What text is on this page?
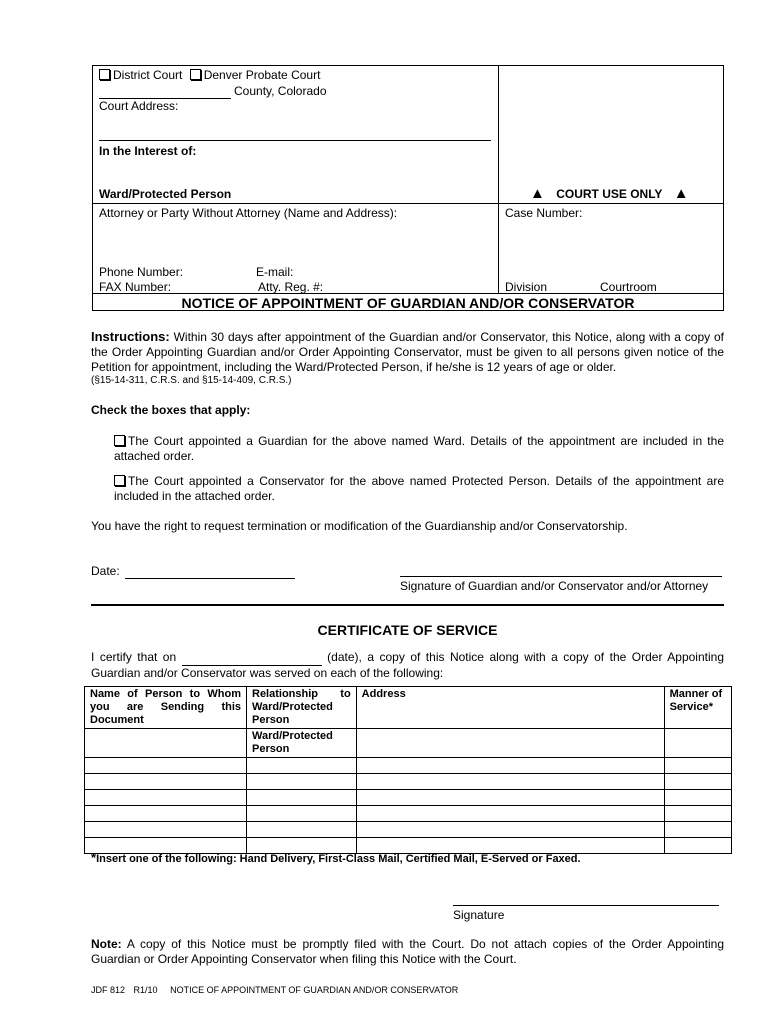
District Court Denver Probate Court
County, Colorado
Court Address:
In the Interest of:
Ward/Protected Person	▲ COURT USE ONLY ▲
Attorney or Party Without Attorney (Name and Address):
Phone Number:	E-mail:
FAX Number:	Atty. Reg. #:
Case Number:
Division	Courtroom
NOTICE OF APPOINTMENT OF GUARDIAN AND/OR CONSERVATOR
Instructions: Within 30 days after appointment of the Guardian and/or Conservator, this Notice, along with a copy of the Order Appointing Guardian and/or Order Appointing Conservator, must be given to all persons given notice of the Petition for appointment, including the Ward/Protected Person, if he/she is 12 years of age or older.
(§15-14-311, C.R.S. and §15-14-409, C.R.S.)
Check the boxes that apply:
The Court appointed a Guardian for the above named Ward. Details of the appointment are included in the attached order.
The Court appointed a Conservator for the above named Protected Person. Details of the appointment are included in the attached order.
You have the right to request termination or modification of the Guardianship and/or Conservatorship.
Date:
Signature of Guardian and/or Conservator and/or Attorney
CERTIFICATE OF SERVICE
I certify that on	(date), a copy of this Notice along with a copy of the Order Appointing Guardian and/or Conservator was served on each of the following:
Name of Person to Whom you are Sending this Document	Relationship to Ward/Protected Person	Address	Manner of Service*
	Ward/Protected Person		

*Insert one of the following: Hand Delivery, First-Class Mail, Certified Mail, E-Served or Faxed.
Signature
Note: A copy of this Notice must be promptly filed with the Court. Do not attach copies of the Order Appointing Guardian or Order Appointing Conservator when filing this Notice with the Court.
JDF 812 R1/10 NOTICE OF APPOINTMENT OF GUARDIAN AND/OR CONSERVATOR
